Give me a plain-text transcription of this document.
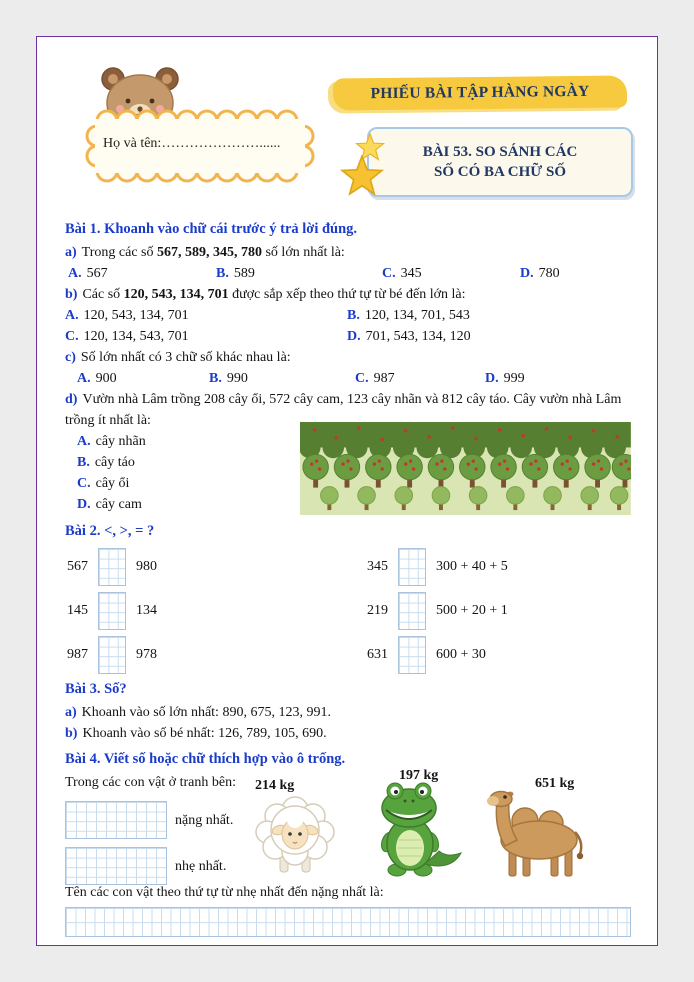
Họ và tên:…………………......
PHIẾU BÀI TẬP HÀNG NGÀY
BÀI 53. SO SÁNH CÁC
SỐ CÓ BA CHỮ SỐ
Bài 1. Khoanh vào chữ cái trước ý trả lời đúng.
a) Trong các số 567, 589, 345, 780 số lớn nhất là:
A. 567	B. 589	C. 345	D. 780
b) Các số 120, 543, 134, 701 được sắp xếp theo thứ tự từ bé đến lớn là:
A. 120, 543, 134, 701	B. 120, 134, 701, 543
C. 120, 134, 543, 701	D. 701, 543, 134, 120
c) Số lớn nhất có 3 chữ số khác nhau là:
A. 900	B. 990	C. 987	D. 999
d) Vườn nhà Lâm trồng 208 cây ổi, 572 cây cam, 123 cây nhãn và 812 cây táo. Cây vườn nhà Lâm trồng ít nhất là:
A. cây nhãn
B. cây táo
C. cây ổi
D. cây cam
Bài 2. <, >, = ?
567	980	345	300 + 40 + 5
145	134	219	500 + 20 + 1
987	978	631	600 + 30
Bài 3. Số?
a) Khoanh vào số lớn nhất: 890, 675, 123, 991.
b) Khoanh vào số bé nhất: 126, 789, 105, 690.
Bài 4. Viết số hoặc chữ thích hợp vào ô trống.
Trong các con vật ở tranh bên:
nặng nhất.
nhẹ nhất.
214 kg
197 kg
651 kg
Tên các con vật theo thứ tự từ nhẹ nhất đến nặng nhất là:
